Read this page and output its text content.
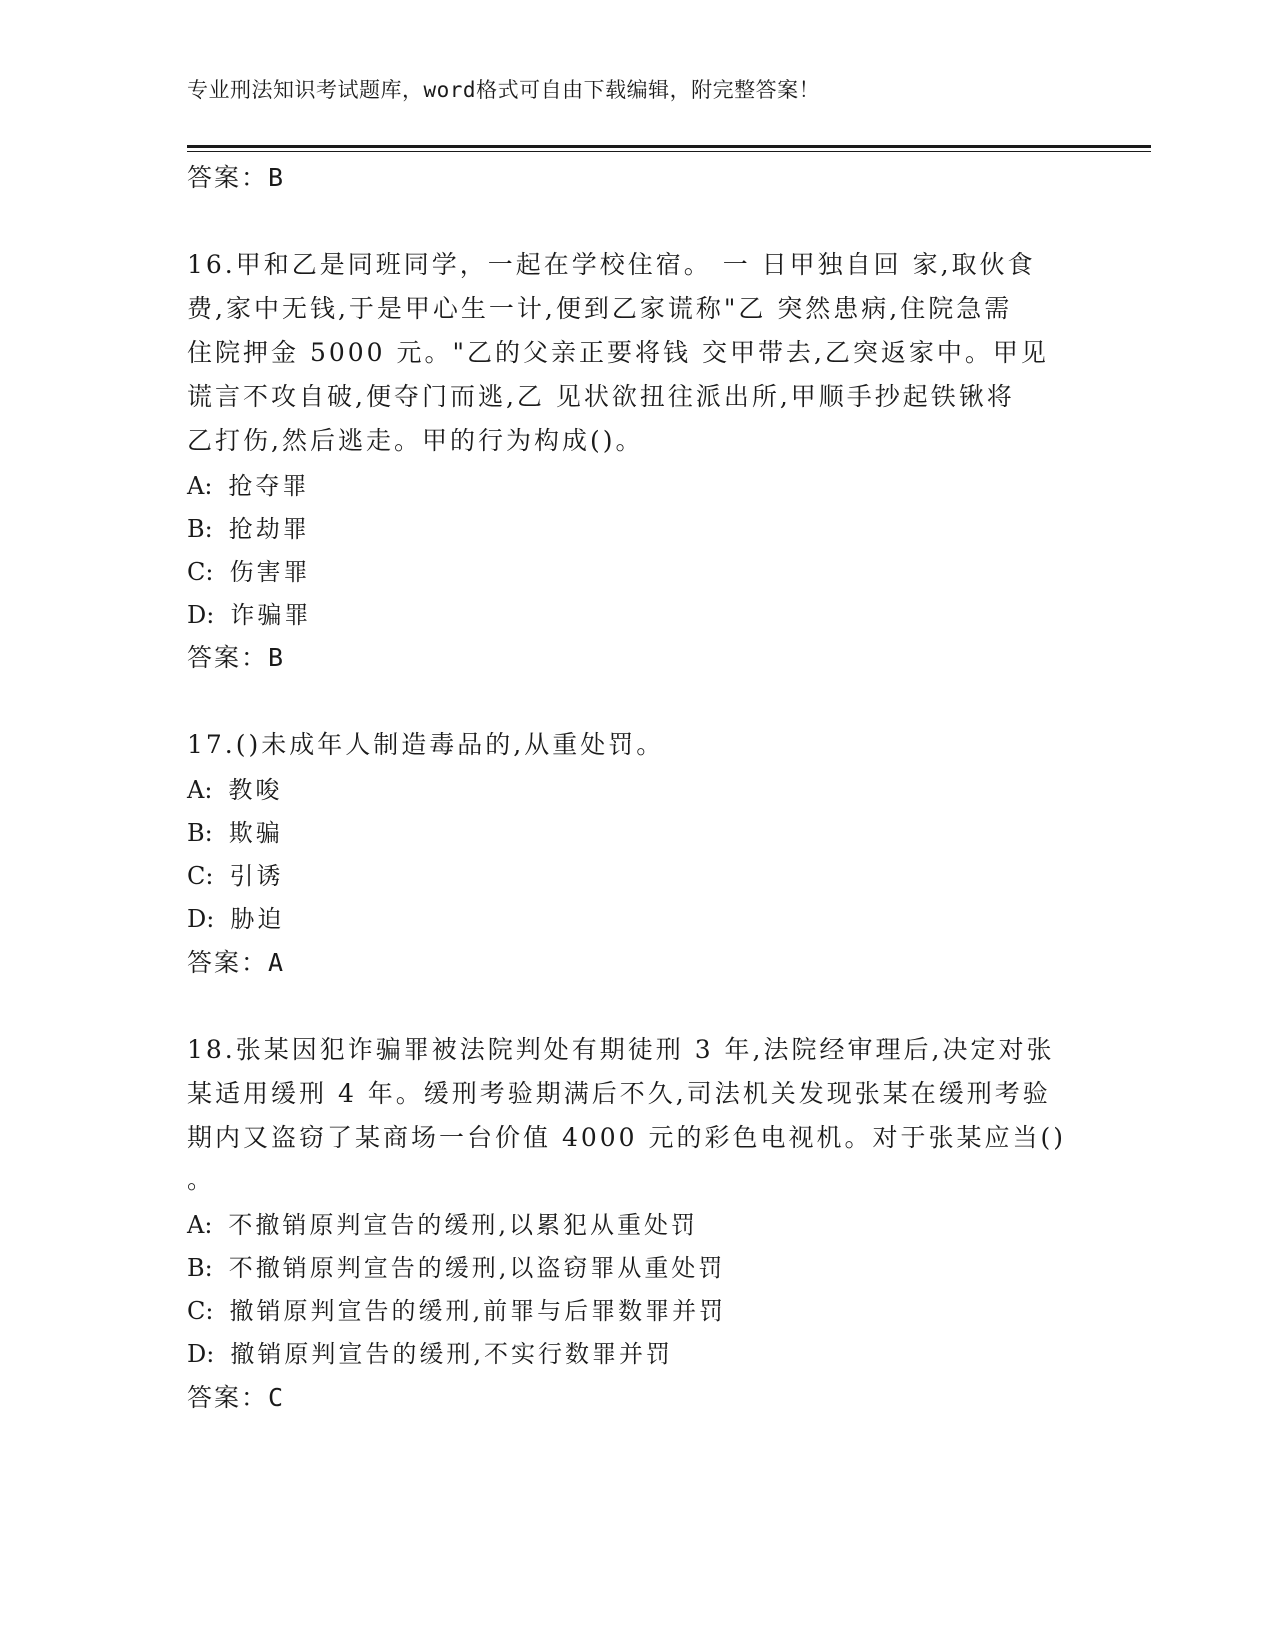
专业刑法知识考试题库，word格式可自由下载编辑，附完整答案！
答案：B
16.甲和乙是同班同学，一起在学校住宿。 一 日甲独自回 家,取伙食
费,家中无钱,于是甲心生一计,便到乙家谎称"乙 突然患病,住院急需
住院押金 5000 元。"乙的父亲正要将钱 交甲带去,乙突返家中。甲见
谎言不攻自破,便夺门而逃,乙 见状欲扭往派出所,甲顺手抄起铁锹将
乙打伤,然后逃走。甲的行为构成()。
A: 抢夺罪
B: 抢劫罪
C: 伤害罪
D: 诈骗罪
答案：B
17.()未成年人制造毒品的,从重处罚。
A: 教唆
B: 欺骗
C: 引诱
D: 胁迫
答案：A
18.张某因犯诈骗罪被法院判处有期徒刑 3 年,法院经审理后,决定对张
某适用缓刑 4 年。缓刑考验期满后不久,司法机关发现张某在缓刑考验
期内又盗窃了某商场一台价值 4000 元的彩色电视机。对于张某应当()
。
A: 不撤销原判宣告的缓刑,以累犯从重处罚
B: 不撤销原判宣告的缓刑,以盗窃罪从重处罚
C: 撤销原判宣告的缓刑,前罪与后罪数罪并罚
D: 撤销原判宣告的缓刑,不实行数罪并罚
答案：C
